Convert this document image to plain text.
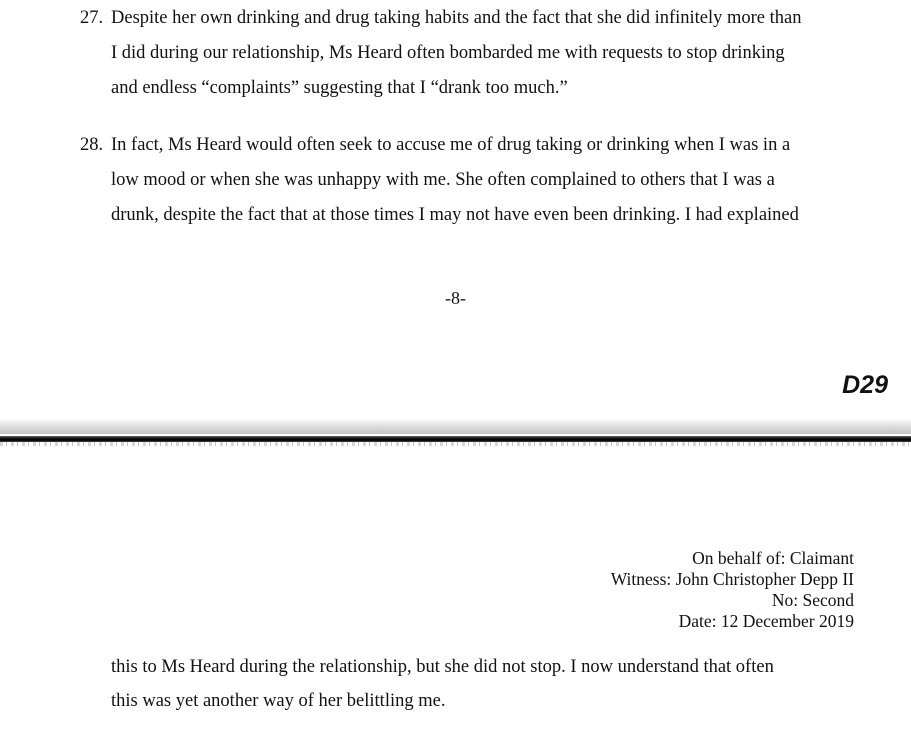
27. Despite her own drinking and drug taking habits and the fact that she did infinitely more than
I did during our relationship, Ms Heard often bombarded me with requests to stop drinking
and endless “complaints” suggesting that I “drank too much.”
28. In fact, Ms Heard would often seek to accuse me of drug taking or drinking when I was in a
low mood or when she was unhappy with me. She often complained to others that I was a
drunk, despite the fact that at those times I may not have even been drinking. I had explained
-8-
D29
On behalf of: Claimant
Witness: John Christopher Depp II
No: Second
Date: 12 December 2019
this to Ms Heard during the relationship, but she did not stop. I now understand that often
this was yet another way of her belittling me.
